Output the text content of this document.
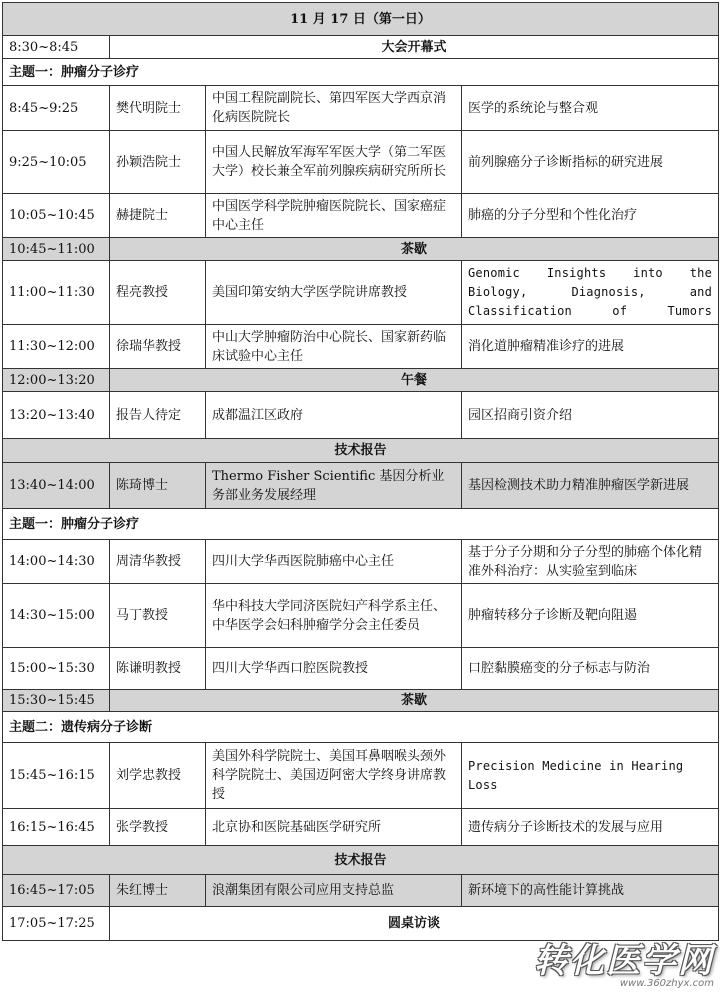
11 月 17 日（第一日）			
8:30~8:45	大会开幕式		
主题一：肿瘤分子诊疗			
8:45~9:25	樊代明院士	中国工程院副院长、第四军医大学西京消化病医院院长	医学的系统论与整合观
9:25~10:05	孙颖浩院士	中国人民解放军海军军医大学（第二军医大学）校长兼全军前列腺疾病研究所所长	前列腺癌分子诊断指标的研究进展
10:05~10:45	赫捷院士	中国医学科学院肿瘤医院院长、国家癌症中心主任	肺癌的分子分型和个性化治疗
10:45~11:00	茶歇		
11:00~11:30	程亮教授	美国印第安纳大学医学院讲席教授	Genomic Insights into the Biology, Diagnosis, and Classification of Tumors
11:30~12:00	徐瑞华教授	中山大学肿瘤防治中心院长、国家新药临床试验中心主任	消化道肿瘤精准诊疗的进展
12:00~13:20	午餐		
13:20~13:40	报告人待定	成都温江区政府	园区招商引资介绍
技术报告			
13:40~14:00	陈琦博士	Thermo Fisher Scientific 基因分析业务部业务发展经理	基因检测技术助力精准肿瘤医学新进展
主题一：肿瘤分子诊疗			
14:00~14:30	周清华教授	四川大学华西医院肺癌中心主任	基于分子分期和分子分型的肺癌个体化精准外科治疗：从实验室到临床
14:30~15:00	马丁教授	华中科技大学同济医院妇产科学系主任、中华医学会妇科肿瘤学分会主任委员	肿瘤转移分子诊断及靶向阻遏
15:00~15:30	陈谦明教授	四川大学华西口腔医院教授	口腔黏膜癌变的分子标志与防治
15:30~15:45	茶歇		
主题二：遗传病分子诊断			
15:45~16:15	刘学忠教授	美国外科学院院士、美国耳鼻咽喉头颈外科学院院士、美国迈阿密大学终身讲席教授	Precision Medicine in Hearing Loss
16:15~16:45	张学教授	北京协和医院基础医学研究所	遗传病分子诊断技术的发展与应用
技术报告			
16:45~17:05	朱红博士	浪潮集团有限公司应用支持总监	新环境下的高性能计算挑战
17:05~17:25	圆桌访谈		
转化医学网
www.360zhyx.com
